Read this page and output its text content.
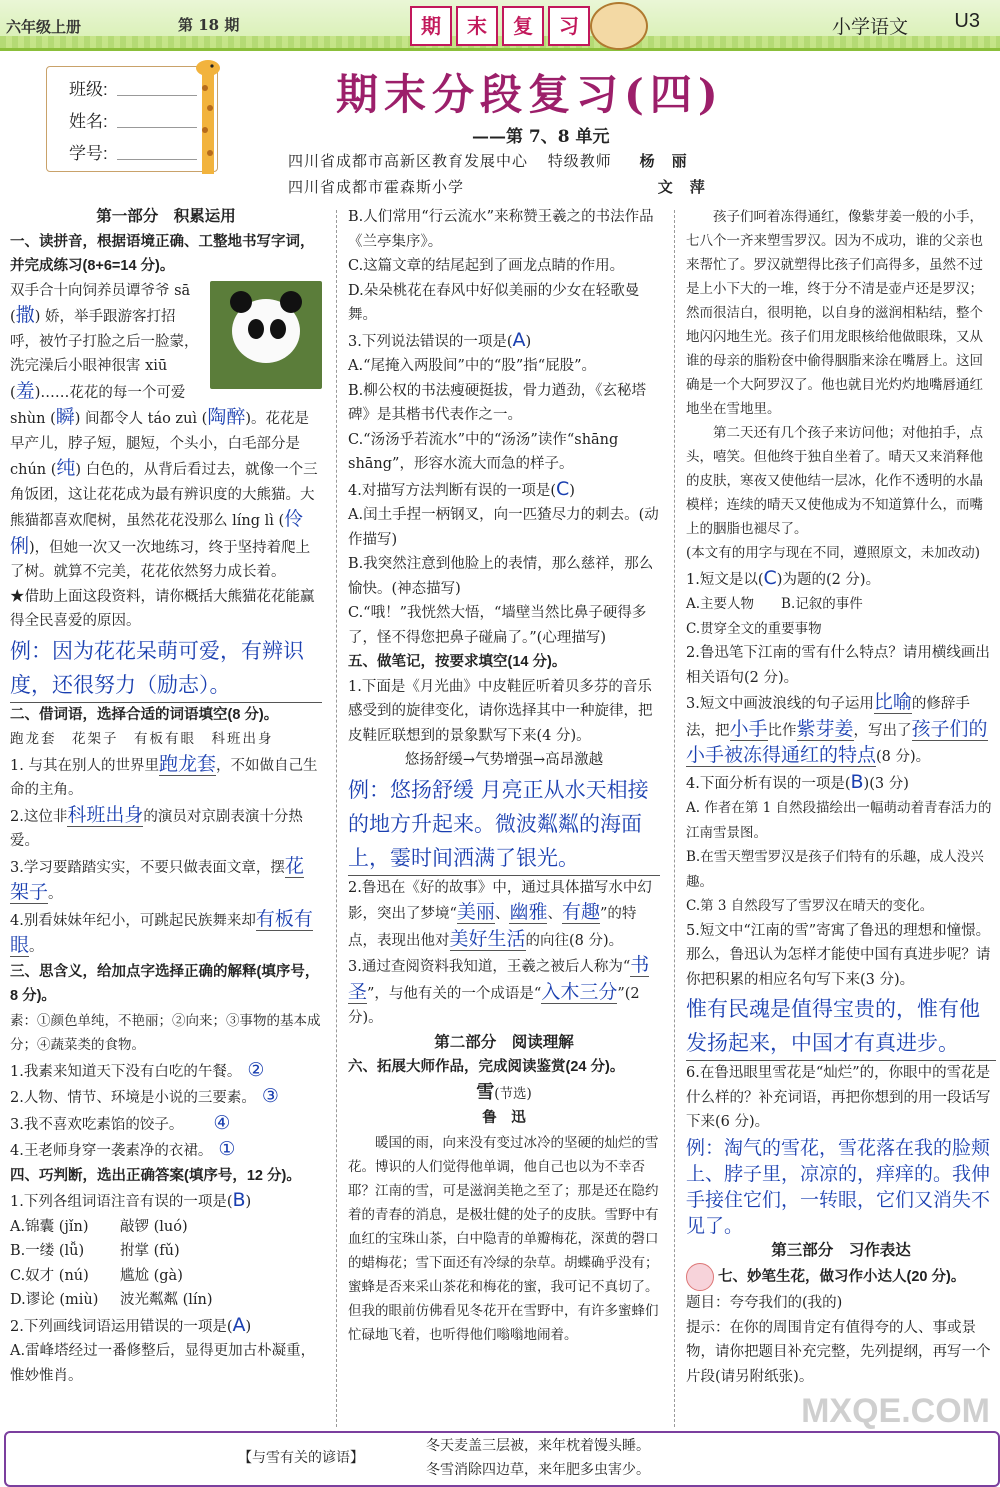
六年级上册	第 18 期	期	末	复	习	小学语文 U3
班级:
姓名:
学号:
期末分段复习(四)
——第 7、8 单元
四川省成都市高新区教育发展中心 特级教师 杨　丽
四川省成都市霍森斯小学	文　萍

第一部分　积累运用

一、读拼音，根据语境正确、工整地书写字词，并完成练习(8+6=14 分)。

双手合十向饲养员谭爷爷 sā (撒) 娇，举手跟游客打招呼，被竹子打脸之后一脸蒙，洗完澡后小眼神很害 xiū (羞)……花花的每一个可爱 shùn (瞬) 间都令人 táo zuì (陶醉)。花花是早产儿，脖子短，腿短，个头小，白毛部分是 chún (纯) 白色的，从背后看过去，就像一个三角饭团，这让花花成为最有辨识度的大熊猫。大熊猫都喜欢爬树，虽然花花没那么 líng lì (伶俐)，但她一次又一次地练习，终于坚持着爬上了树。就算不完美，花花依然努力成长着。

★借助上面这段资料，请你概括大熊猫花花能赢得全民喜爱的原因。

例：因为花花呆萌可爱，有辨识度，还很努力（励志）。

二、借词语，选择合适的词语填空(8 分)。

跑龙套　花架子　有板有眼　科班出身

1. 与其在别人的世界里跑龙套，不如做自己生命的主角。

2.这位非科班出身的演员对京剧表演十分热爱。

3.学习要踏踏实实，不要只做表面文章，摆花架子。

4.别看妹妹年纪小，可跳起民族舞来却有板有眼。

三、思含义，给加点字选择正确的解释(填序号，8 分)。

素：①颜色单纯，不艳丽；②向来；③事物的基本成分；④蔬菜类的食物。

1.我素来知道天下没有白吃的午餐。 ②

2.人物、情节、环境是小说的三要素。 ③

3.我不喜欢吃素馅的饺子。 ④

4.王老师身穿一袭素净的衣裙。 ①

四、巧判断，选出正确答案(填序号，12 分)。

1.下列各组词语注音有误的一项是(B)

A.锦囊 (jǐn) 敲锣 (luó)

B.一缕 (lǚ) 拊掌 (fǔ)

C.奴才 (nú) 尴尬 (gà)

D.谬论 (miù) 波光粼粼 (lín)

2.下列画线词语运用错误的一项是(A)

A.雷峰塔经过一番修整后，显得更加古朴凝重，惟妙惟肖。

B.人们常用“行云流水”来称赞王羲之的书法作品《兰亭集序》。

C.这篇文章的结尾起到了画龙点睛的作用。

D.朵朵桃花在春风中好似美丽的少女在轻歌曼舞。

3.下列说法错误的一项是(A)

A.“尾掩入两股间”中的“股”指“屁股”。

B.柳公权的书法瘦硬挺拔，骨力遒劲，《玄秘塔碑》是其楷书代表作之一。

C.“汤汤乎若流水”中的“汤汤”读作“shāng shāng”，形容水流大而急的样子。

4.对描写方法判断有误的一项是(C)

A.闰土手捏一柄钢叉，向一匹猹尽力的刺去。(动作描写)

B.我突然注意到他脸上的表情，那么慈祥，那么愉快。(神态描写)

C.“哦！”我恍然大悟，“墙壁当然比鼻子硬得多了，怪不得您把鼻子碰扁了。”(心理描写)

五、做笔记，按要求填空(14 分)。

1.下面是《月光曲》中皮鞋匠听着贝多芬的音乐感受到的旋律变化，请你选择其中一种旋律，把皮鞋匠联想到的景象默写下来(4 分)。

悠扬舒缓→气势增强→高昂激越

例：悠扬舒缓 月亮正从水天相接的地方升起来。微波粼粼的海面上，霎时间洒满了银光。

2.鲁迅在《好的故事》中，通过具体描写水中幻影，突出了梦境“美丽、幽雅、有趣”的特点，表现出他对美好生活的向往(8 分)。

3.通过查阅资料我知道，王羲之被后人称为“书圣”，与他有关的一个成语是“入木三分”(2 分)。

第二部分　阅读理解

六、拓展大师作品，完成阅读鉴赏(24 分)。

雪(节选)

鲁　迅

暖国的雨，向来没有变过冰冷的坚硬的灿烂的雪花。博识的人们觉得他单调，他自己也以为不幸否耶？江南的雪，可是滋润美艳之至了；那是还在隐约着的青春的消息，是极壮健的处子的皮肤。雪野中有血红的宝珠山茶，白中隐青的单瓣梅花，深黄的磬口的蜡梅花；雪下面还有冷绿的杂草。胡蝶确乎没有；蜜蜂是否来采山茶花和梅花的蜜，我可记不真切了。但我的眼前仿佛看见冬花开在雪野中，有许多蜜蜂们忙碌地飞着，也听得他们嗡嗡地闹着。

孩子们呵着冻得通红，像紫芽姜一般的小手，七八个一齐来塑雪罗汉。因为不成功，谁的父亲也来帮忙了。罗汉就塑得比孩子们高得多，虽然不过是上小下大的一堆，终于分不清是壶卢还是罗汉；然而很洁白，很明艳，以自身的滋润相粘结，整个地闪闪地生光。孩子们用龙眼核给他做眼珠，又从谁的母亲的脂粉奁中偷得胭脂来涂在嘴唇上。这回确是一个大阿罗汉了。他也就目光灼灼地嘴唇通红地坐在雪地里。

第二天还有几个孩子来访问他；对他拍手，点头，嘻笑。但他终于独自坐着了。晴天又来消释他的皮肤，寒夜又使他结一层冰，化作不透明的水晶模样；连续的晴天又使他成为不知道算什么，而嘴上的胭脂也褪尽了。

(本文有的用字与现在不同，遵照原文，未加改动)

1.短文是以(C)为题的(2 分)。

A.主要人物　　B.记叙的事件

C.贯穿全文的重要事物

2.鲁迅笔下江南的雪有什么特点？请用横线画出相关语句(2 分)。

3.短文中画波浪线的句子运用比喻的修辞手法，把小手比作紫芽姜，写出了孩子们的小手被冻得通红的特点(8 分)。

4.下面分析有误的一项是(B)(3 分)

A. 作者在第 1 自然段描绘出一幅萌动着青春活力的江南雪景图。

B.在雪天塑雪罗汉是孩子们特有的乐趣，成人没兴趣。

C.第 3 自然段写了雪罗汉在晴天的变化。

5.短文中“江南的雪”寄寓了鲁迅的理想和憧憬。那么，鲁迅认为怎样才能使中国有真进步呢？请你把积累的相应名句写下来(3 分)。

惟有民魂是值得宝贵的，惟有他发扬起来，中国才有真进步。

6.在鲁迅眼里雪花是“灿烂”的，你眼中的雪花是什么样的？补充词语，再把你想到的用一段话写下来(6 分)。

例：淘气的雪花，雪花落在我的脸颊上、脖子里，凉凉的，痒痒的。我伸手接住它们，一转眼，它们又消失不见了。

第三部分　习作表达

七、妙笔生花，做习作小达人(20 分)。

题目：夸夸我们的(我的)

提示：在你的周围肯定有值得夸的人、事或景物，请你把题目补充完整，先列提纲，再写一个片段(请另附纸张)。

【与雪有关的谚语】
冬天麦盖三层被，来年枕着馒头睡。
冬雪消除四边草，来年肥多虫害少。
MXQE.COM
